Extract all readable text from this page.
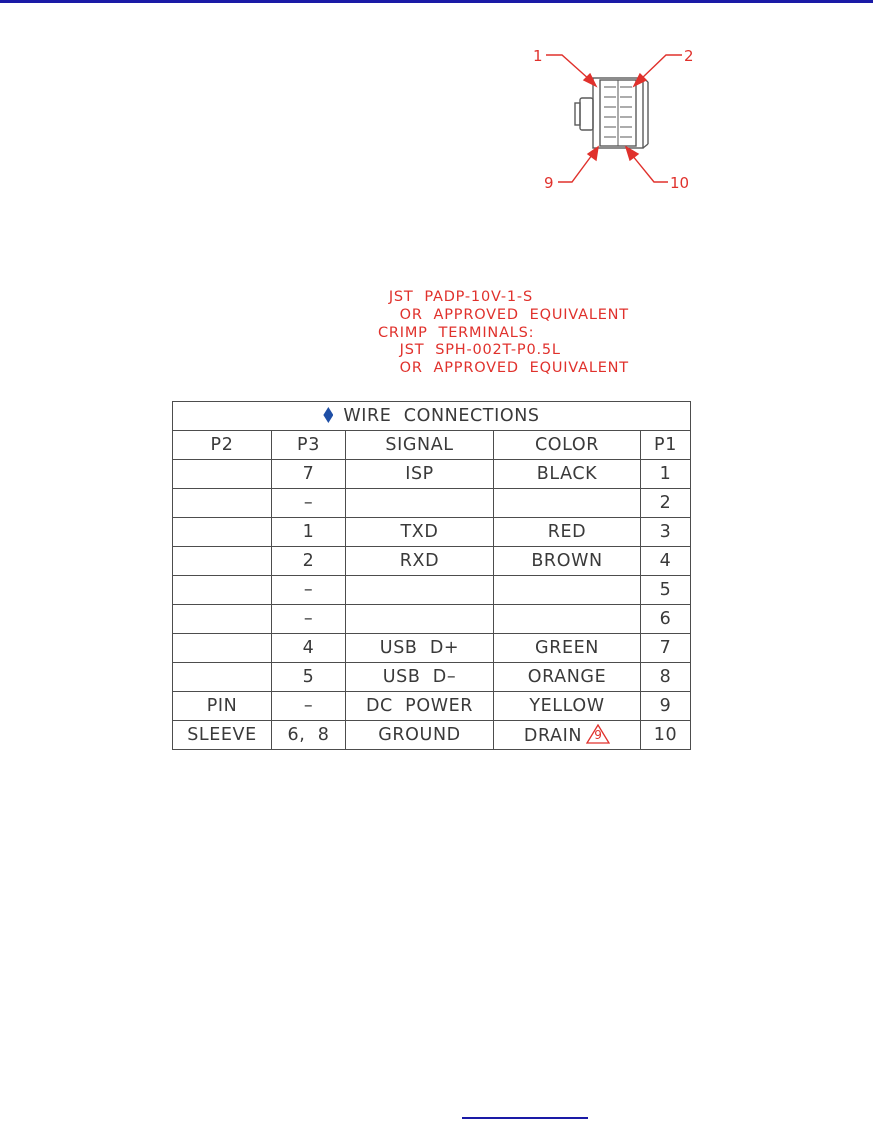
1	2
9	10
JST  PADP-10V-1-S
OR  APPROVED  EQUIVALENT
CRIMP  TERMINALS:
JST  SPH-002T-P0.5L
OR  APPROVED  EQUIVALENT
WIRE  CONNECTIONS				
P2	P3	SIGNAL	COLOR	P1
	7	ISP	BLACK	1
	–			2
	1	TXD	RED	3
	2	RXD	BROWN	4
	–			5
	–			6
	4	USB  D+	GREEN	7
	5	USB  D–	ORANGE	8
PIN	–	DC  POWER	YELLOW	9
SLEEVE	6,  8	GROUND	DRAIN 9	10
